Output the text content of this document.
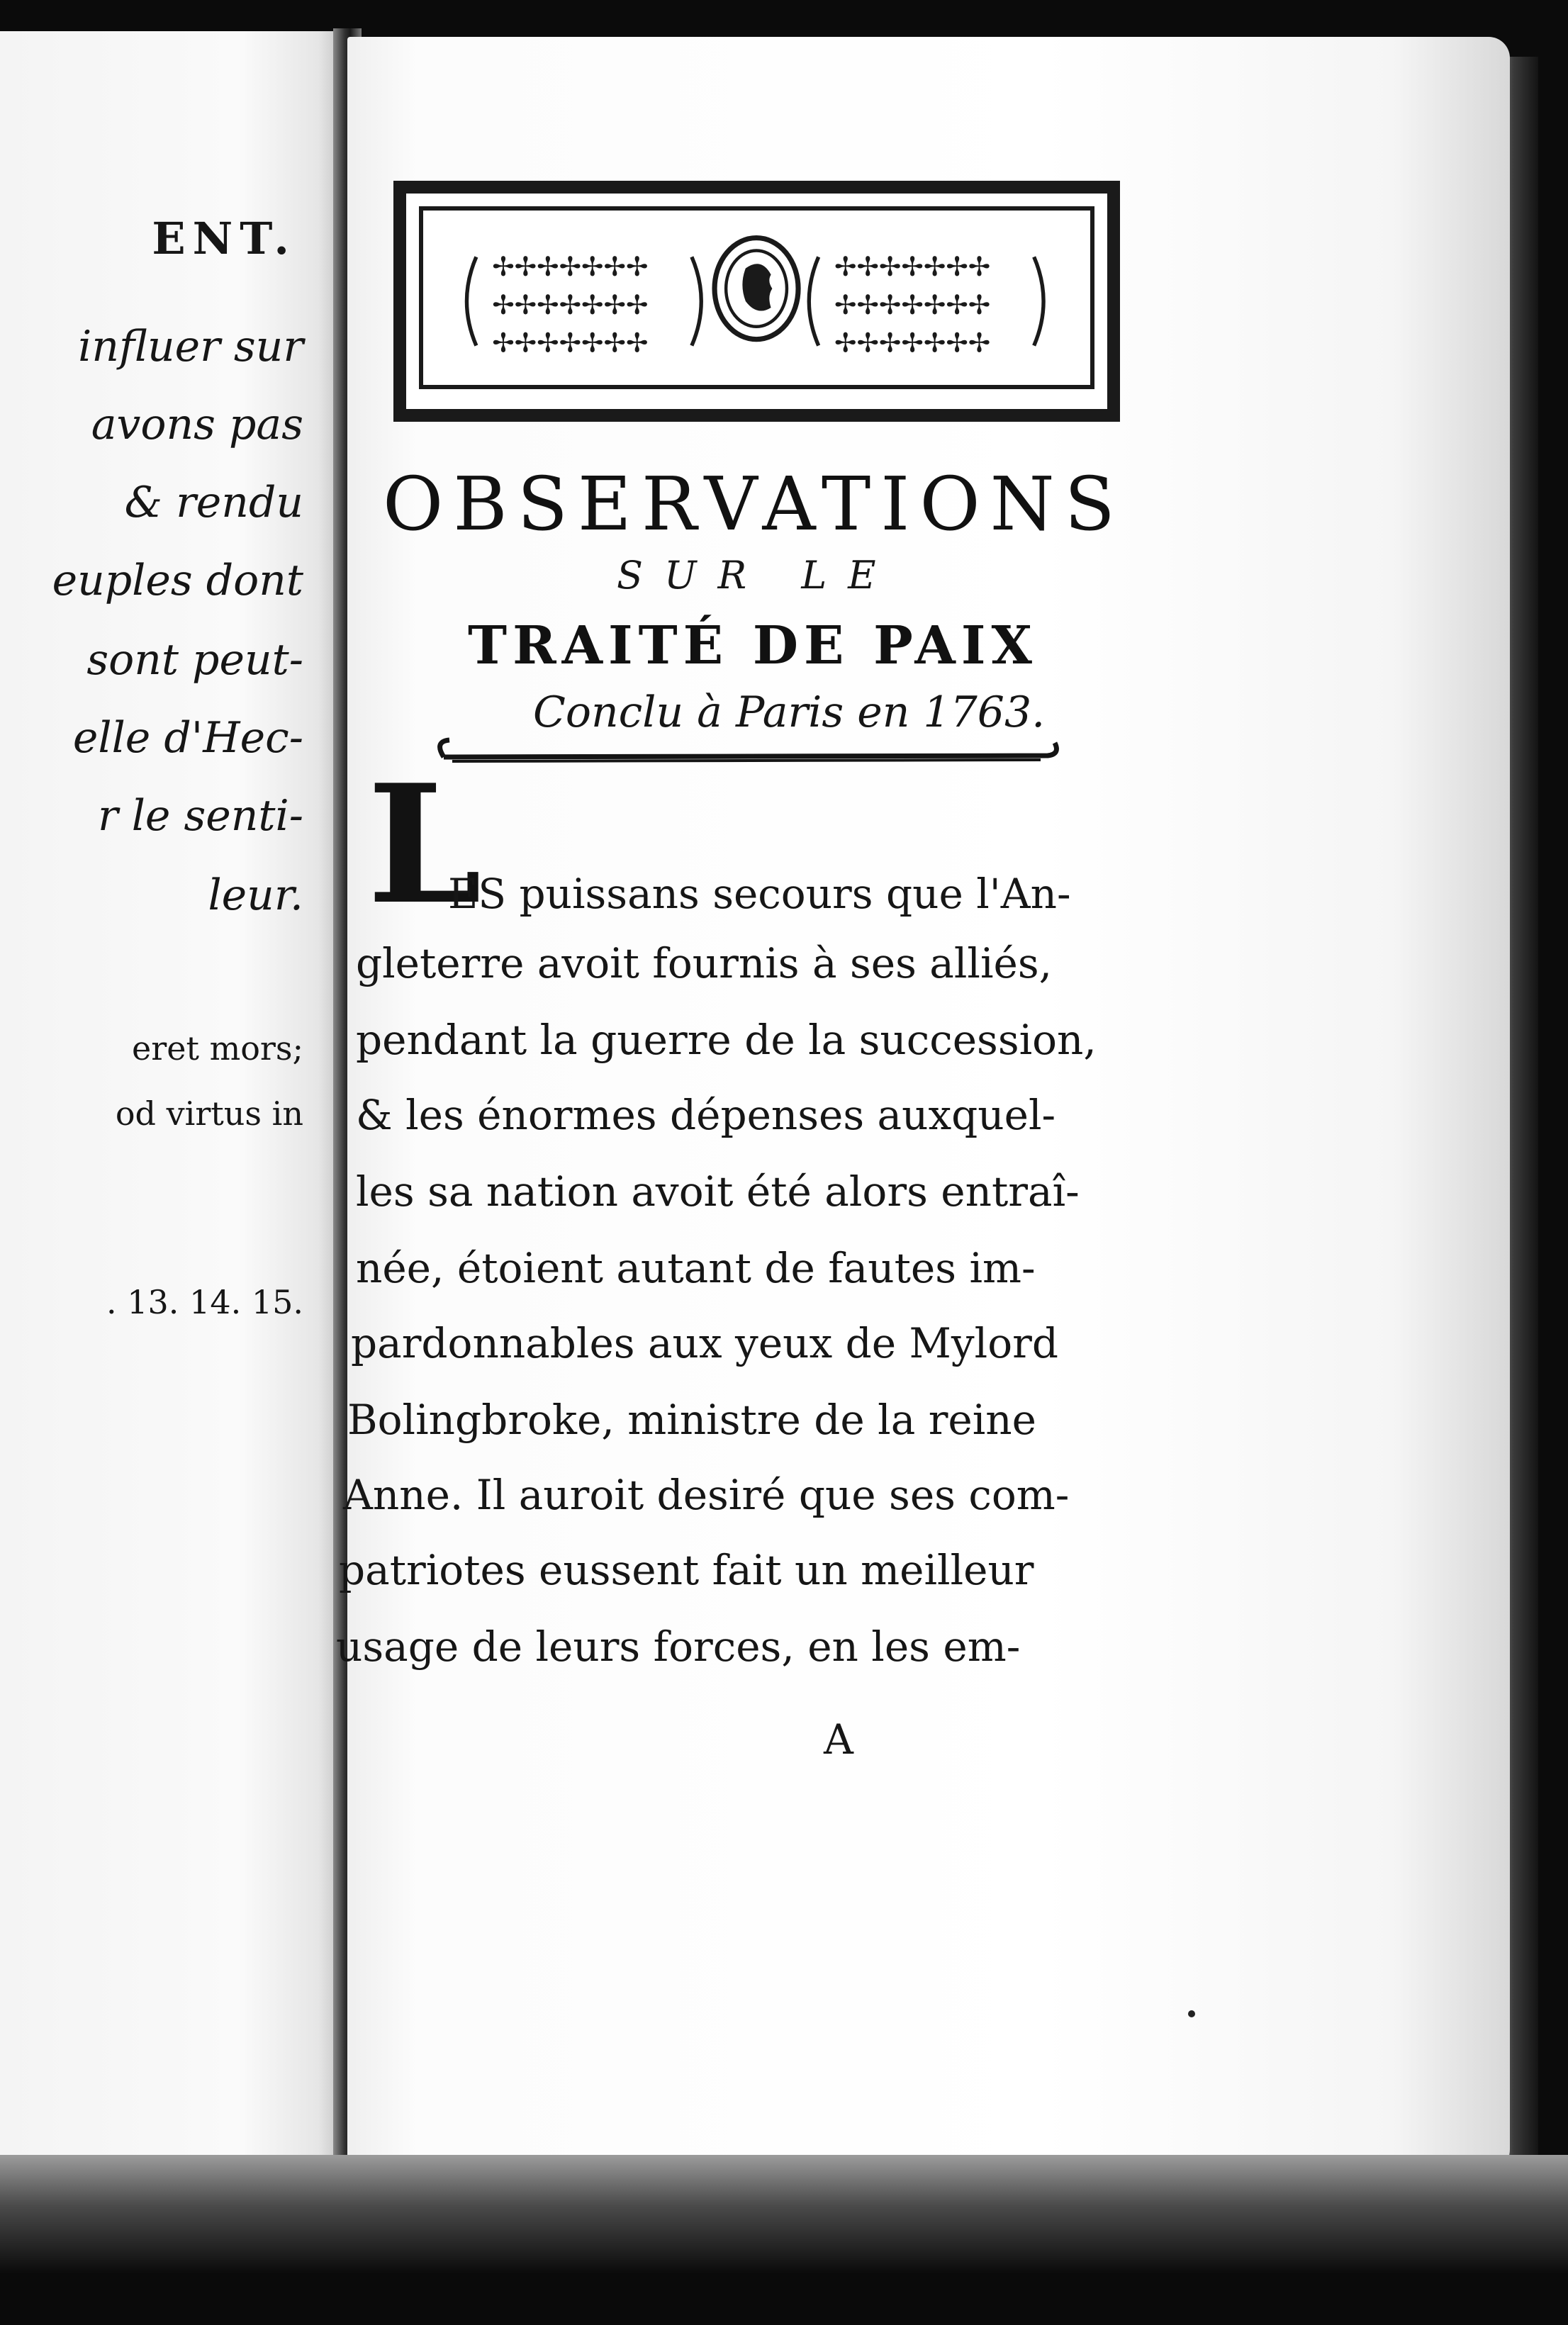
ENT.

influer sur

avons pas

& rendu

euples dont

sont peut-

elle d'Hec-

r le senti-

leur.

eret mors;

od virtus in

. 13. 14. 15.

✢✢✢✢✢✢✢
✢✢✢✢✢✢✢
✢✢✢✢✢✢✢
✢✢✢✢✢✢✢
✢✢✢✢✢✢✢
✢✢✢✢✢✢✢
OBSERVATIONS

SUR LE

TRAITÉ DE PAIX

Conclu à Paris en 1763.

L

ES puissans secours que l'An-

gleterre avoit fournis à ses alliés,

pendant la guerre de la succession,

& les énormes dépenses auxquel-

les sa nation avoit été alors entraî-

née, étoient autant de fautes im-

pardonnables aux yeux de Mylord

Bolingbroke, ministre de la reine

Anne. Il auroit desiré que ses com-

patriotes eussent fait un meilleur

usage de leurs forces, en les em-

A
